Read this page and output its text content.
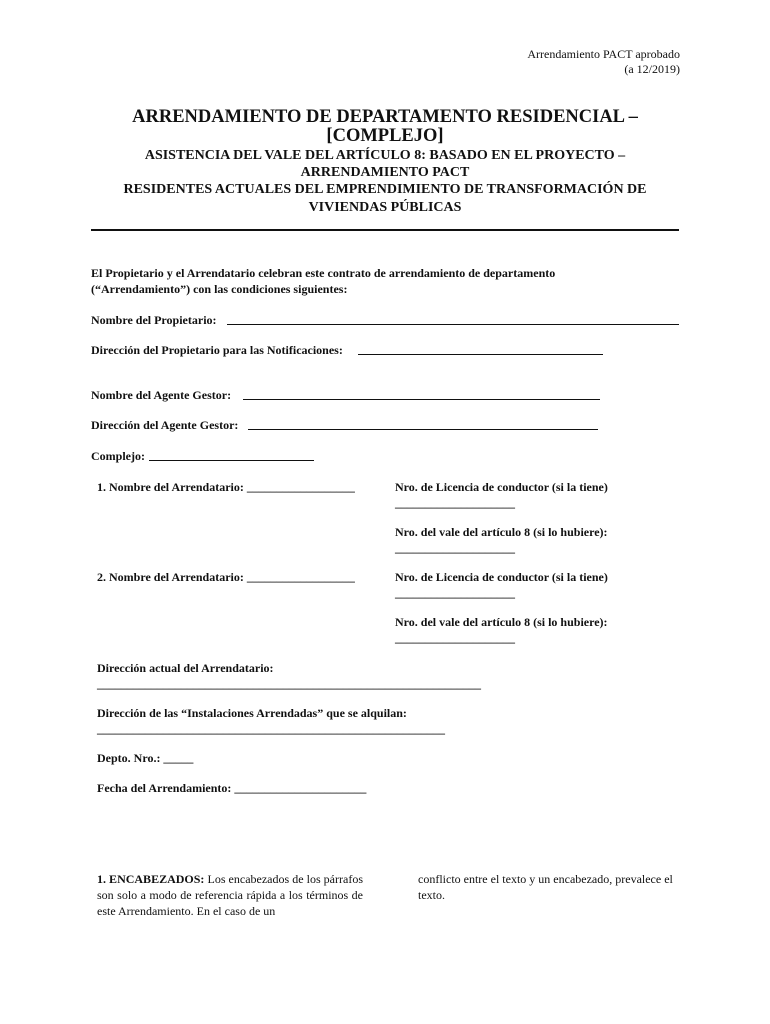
Arrendamiento PACT aprobado
(a 12/2019)
ARRENDAMIENTO DE DEPARTAMENTO RESIDENCIAL –
[COMPLEJO]
ASISTENCIA DEL VALE DEL ARTÍCULO 8: BASADO EN EL PROYECTO –
ARRENDAMIENTO PACT
RESIDENTES ACTUALES DEL EMPRENDIMIENTO DE TRANSFORMACIÓN DE
VIVIENDAS PÚBLICAS
El Propietario y el Arrendatario celebran este contrato de arrendamiento de departamento
(“Arrendamiento”) con las condiciones siguientes:
Nombre del Propietario:
Dirección del Propietario para las Notificaciones:
Nombre del Agente Gestor:
Dirección del Agente Gestor:
Complejo:
1. Nombre del Arrendatario: __________________	Nro. de Licencia de conductor (si la tiene)
____________________
Nro. del vale del artículo 8 (si lo hubiere):
____________________
2. Nombre del Arrendatario: __________________	Nro. de Licencia de conductor (si la tiene)
____________________
Nro. del vale del artículo 8 (si lo hubiere):
____________________
Dirección actual del Arrendatario:
________________________________________________________________
Dirección de las “Instalaciones Arrendadas” que se alquilan:
__________________________________________________________
Depto. Nro.: _____
Fecha del Arrendamiento: ______________________
1. ENCABEZADOS: Los encabezados de los párrafos son solo a modo de referencia rápida a los términos de este Arrendamiento. En el caso de un
conflicto entre el texto y un encabezado, prevalece el texto.
